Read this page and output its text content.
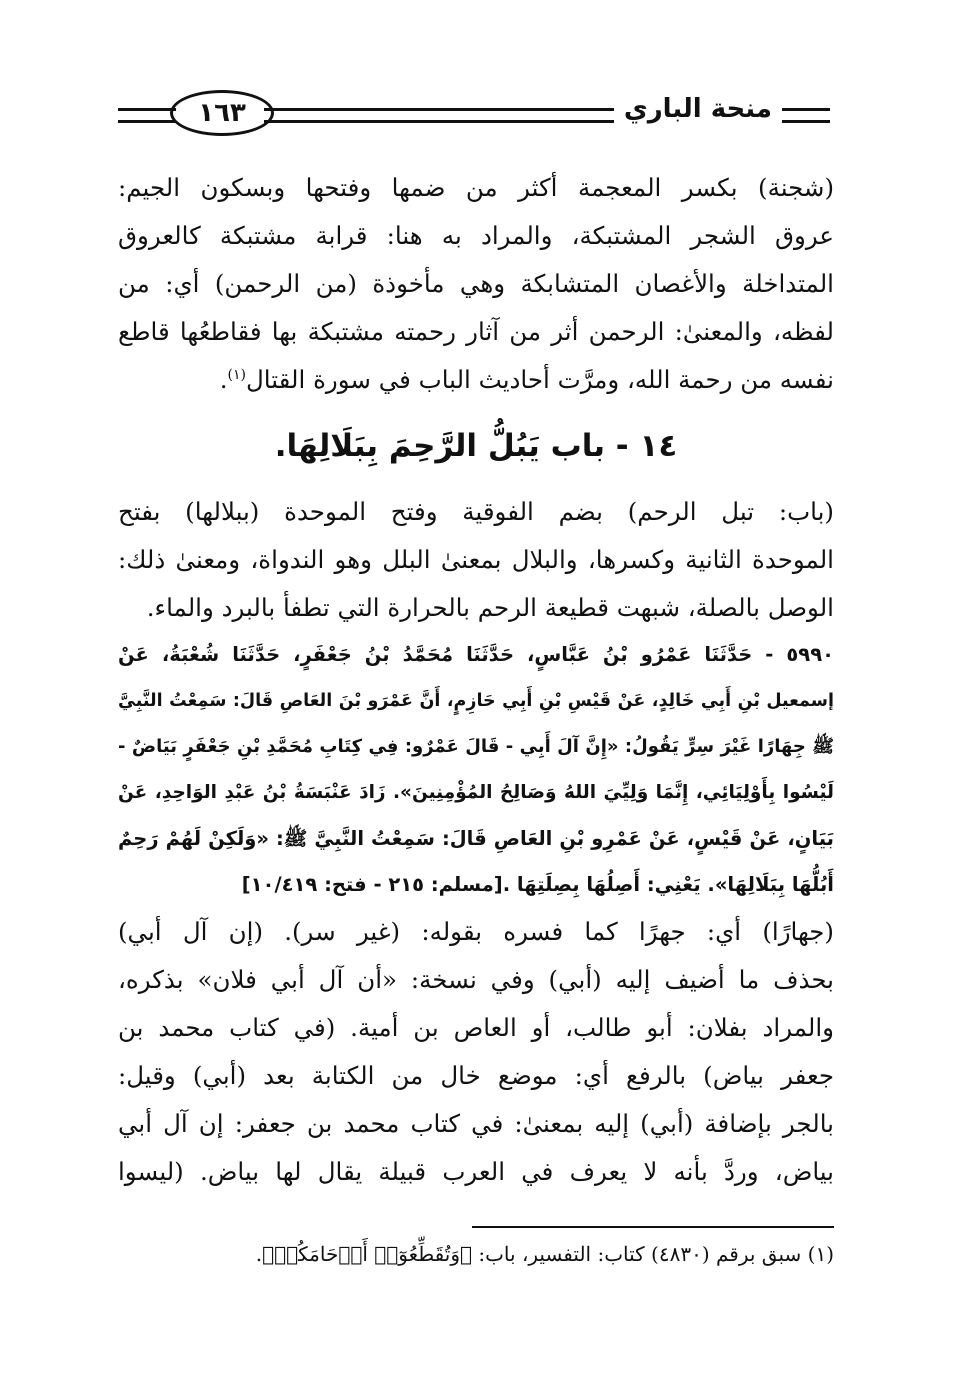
١٦٣	منحة الباري
(شجنة) بكسر المعجمة أكثر من ضمها وفتحها وبسكون الجيم:
عروق الشجر المشتبكة، والمراد به هنا: قرابة مشتبكة كالعروق
المتداخلة والأغصان المتشابكة وهي مأخوذة (من الرحمن) أي: من
لفظه، والمعنىٰ: الرحمن أثر من آثار رحمته مشتبكة بها فقاطعُها قاطع
نفسه من رحمة الله، ومرَّت أحاديث الباب في سورة القتال$^{(١)}$.
١٤ - باب يَبُلُّ الرَّحِمَ بِبَلَالِهَا.
(باب: تبل الرحم) بضم الفوقية وفتح الموحدة (ببلالها) بفتح
الموحدة الثانية وكسرها، والبلال بمعنىٰ البلل وهو الندواة، ومعنىٰ ذلك:
الوصل بالصلة، شبهت قطيعة الرحم بالحرارة التي تطفأ بالبرد والماء.
٥٩٩٠ - حَدَّثَنَا عَمْرُو بْنُ عَبَّاسٍ، حَدَّثَنَا مُحَمَّدُ بْنُ جَعْفَرٍ، حَدَّثَنَا شُعْبَةُ، عَنْ
إسمعيل بْنِ أَبِي خَالِدٍ، عَنْ قَيْسِ بْنِ أَبِي حَازِمٍ، أَنَّ عَمْرَو بْنَ العَاصِ قَالَ: سَمِعْتُ النَّبِيَّ
ﷺ جِهَارًا غَيْرَ سِرٍّ يَقُولُ: «إِنَّ آلَ أَبِي - قَالَ عَمْرٌو: فِي كِتَابِ مُحَمَّدِ بْنِ جَعْفَرٍ بَيَاضٌ -
لَيْسُوا بِأَوْلِيَائِي، إِنَّمَا وَلِيِّيَ اللهُ وَصَالِحُ المُؤْمِنِينَ». زَادَ عَنْبَسَةُ بْنُ عَبْدِ الوَاحِدِ، عَنْ
بَيَانٍ، عَنْ قَيْسٍ، عَنْ عَمْرِو بْنِ العَاصِ قَالَ: سَمِعْتُ النَّبِيَّ ﷺ: «وَلَكِنْ لَهُمْ رَحِمٌ
أَبُلُّهَا بِبَلَالِهَا». يَعْنِي: أَصِلُهَا بِصِلَتِهَا .[مسلم: ٢١٥ - فتح: ١٠/٤١٩]
(جهارًا) أي: جهرًا كما فسره بقوله: (غير سر). (إن آل أبي)
بحذف ما أضيف إليه (أبي) وفي نسخة: «أن آل أبي فلان» بذكره،
والمراد بفلان: أبو طالب، أو العاص بن أمية. (في كتاب محمد بن
جعفر بياض) بالرفع أي: موضع خال من الكتابة بعد (أبي) وقيل:
بالجر بإضافة (أبي) إليه بمعنىٰ: في كتاب محمد بن جعفر: إن آل أبي
بياض، وردَّ بأنه لا يعرف في العرب قبيلة يقال لها بياض. (ليسوا
(١) سبق برقم (٤٨٣٠) كتاب: التفسير، باب: ﴿وَتُقَطِّعُوٓا۟ أَرۡحَامَكُمۡ﴾.
